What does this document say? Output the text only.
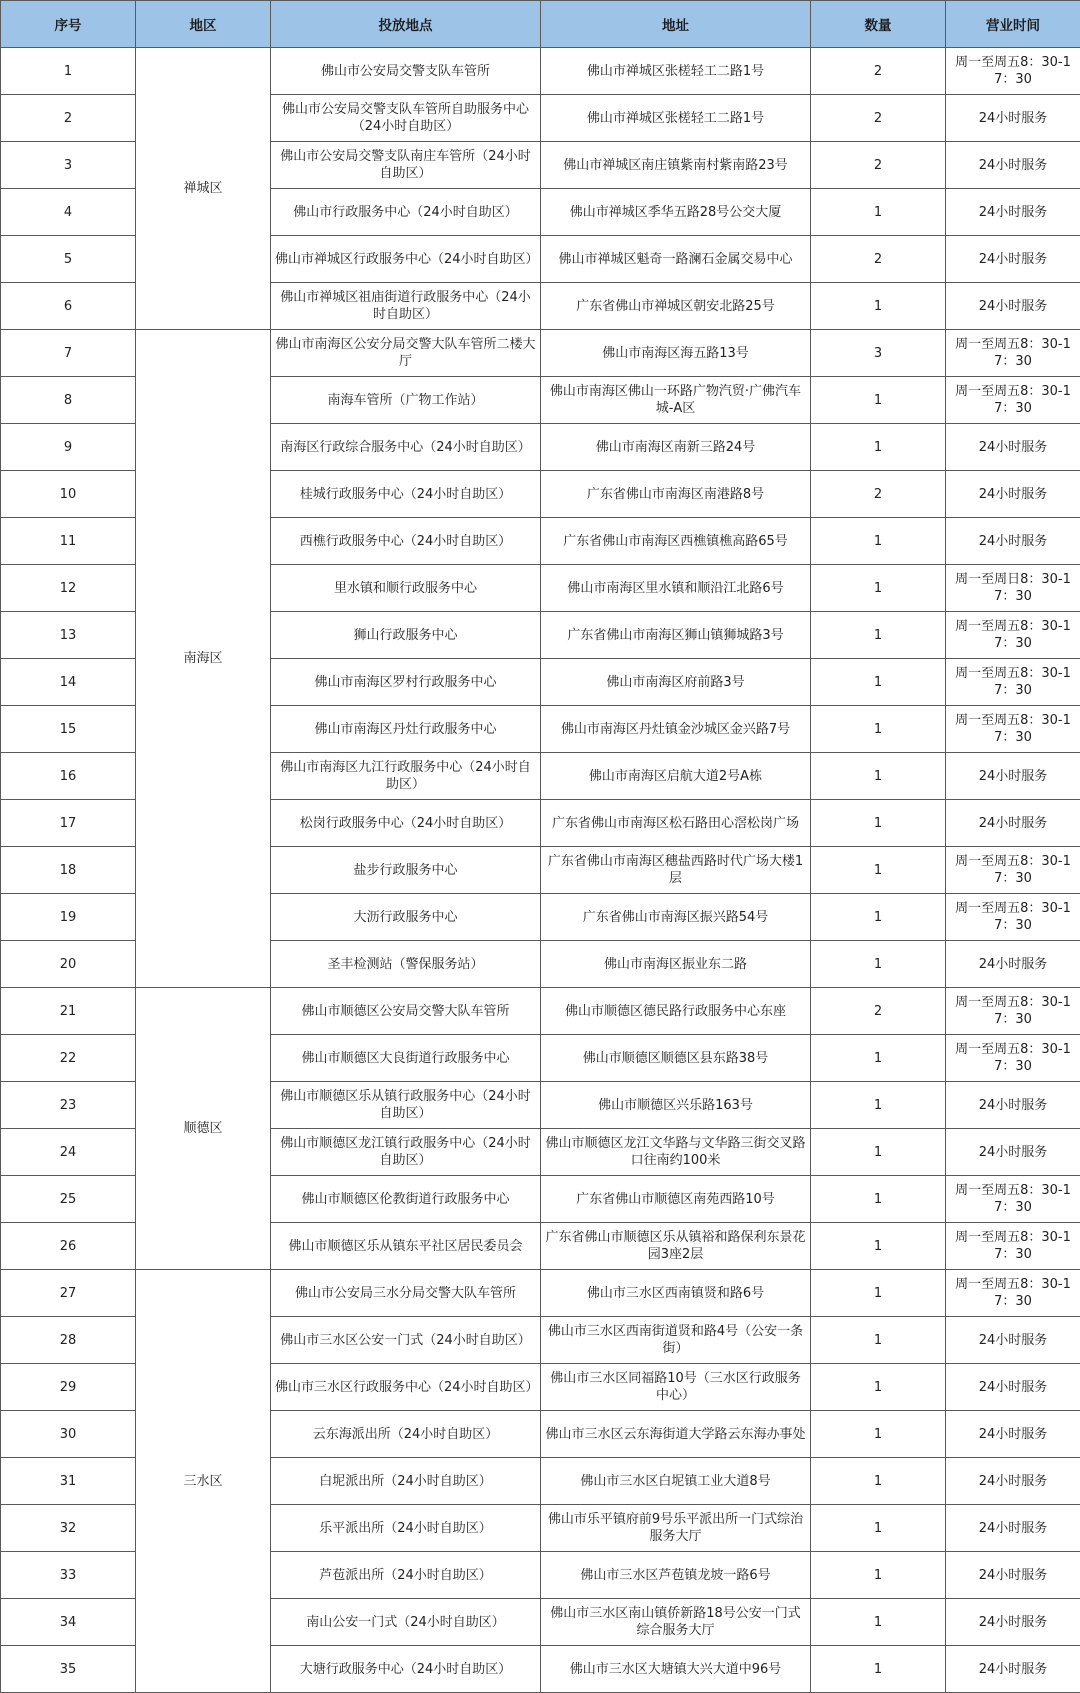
序号	地区	投放地点	地址	数量	营业时间
1	禅城区	佛山市公安局交警支队车管所	佛山市禅城区张槎轻工二路1号	2	周一至周五8：30-17：30
2		佛山市公安局交警支队车管所自助服务中心（24小时自助区）	佛山市禅城区张槎轻工二路1号	2	24小时服务
3		佛山市公安局交警支队南庄车管所（24小时自助区）	佛山市禅城区南庄镇紫南村紫南路23号	2	24小时服务
4		佛山市行政服务中心（24小时自助区）	佛山市禅城区季华五路28号公交大厦	1	24小时服务
5		佛山市禅城区行政服务中心（24小时自助区）	佛山市禅城区魁奇一路澜石金属交易中心	2	24小时服务
6		佛山市禅城区祖庙街道行政服务中心（24小时自助区）	广东省佛山市禅城区朝安北路25号	1	24小时服务
7	南海区	佛山市南海区公安分局交警大队车管所二楼大厅	佛山市南海区海五路13号	3	周一至周五8：30-17：30
8		南海车管所（广物工作站）	佛山市南海区佛山一环路广物汽贸·广佛汽车城-A区	1	周一至周五8：30-17：30
9		南海区行政综合服务中心（24小时自助区）	佛山市南海区南新三路24号	1	24小时服务
10		桂城行政服务中心（24小时自助区）	广东省佛山市南海区南港路8号	2	24小时服务
11		西樵行政服务中心（24小时自助区）	广东省佛山市南海区西樵镇樵高路65号	1	24小时服务
12		里水镇和顺行政服务中心	佛山市南海区里水镇和顺沿江北路6号	1	周一至周日8：30-17：30
13		狮山行政服务中心	广东省佛山市南海区狮山镇狮城路3号	1	周一至周五8：30-17：30
14		佛山市南海区罗村行政服务中心	佛山市南海区府前路3号	1	周一至周五8：30-17：30
15		佛山市南海区丹灶行政服务中心	佛山市南海区丹灶镇金沙城区金兴路7号	1	周一至周五8：30-17：30
16		佛山市南海区九江行政服务中心（24小时自助区）	佛山市南海区启航大道2号A栋	1	24小时服务
17		松岗行政服务中心（24小时自助区）	广东省佛山市南海区松石路田心滘松岗广场	1	24小时服务
18		盐步行政服务中心	广东省佛山市南海区穗盐西路时代广场大楼1层	1	周一至周五8：30-17：30
19		大沥行政服务中心	广东省佛山市南海区振兴路54号	1	周一至周五8：30-17：30
20		圣丰检测站（警保服务站）	佛山市南海区振业东二路	1	24小时服务
21	顺德区	佛山市顺德区公安局交警大队车管所	佛山市顺德区德民路行政服务中心东座	2	周一至周五8：30-17：30
22		佛山市顺德区大良街道行政服务中心	佛山市顺德区顺德区县东路38号	1	周一至周五8：30-17：30
23		佛山市顺德区乐从镇行政服务中心（24小时自助区）	佛山市顺德区兴乐路163号	1	24小时服务
24		佛山市顺德区龙江镇行政服务中心（24小时自助区）	佛山市顺德区龙江文华路与文华路三街交叉路口往南约100米	1	24小时服务
25		佛山市顺德区伦教街道行政服务中心	广东省佛山市顺德区南苑西路10号	1	周一至周五8：30-17：30
26		佛山市顺德区乐从镇东平社区居民委员会	广东省佛山市顺德区乐从镇裕和路保利东景花园3座2层	1	周一至周五8：30-17：30
27	三水区	佛山市公安局三水分局交警大队车管所	佛山市三水区西南镇贤和路6号	1	周一至周五8：30-17：30
28		佛山市三水区公安一门式（24小时自助区）	佛山市三水区西南街道贤和路4号（公安一条街）	1	24小时服务
29		佛山市三水区行政服务中心（24小时自助区）	佛山市三水区同福路10号（三水区行政服务中心）	1	24小时服务
30		云东海派出所（24小时自助区）	佛山市三水区云东海街道大学路云东海办事处	1	24小时服务
31		白坭派出所（24小时自助区）	佛山市三水区白坭镇工业大道8号	1	24小时服务
32		乐平派出所（24小时自助区）	佛山市乐平镇府前9号乐平派出所一门式综治服务大厅	1	24小时服务
33		芦苞派出所（24小时自助区）	佛山市三水区芦苞镇龙坡一路6号	1	24小时服务
34		南山公安一门式（24小时自助区）	佛山市三水区南山镇侨新路18号公安一门式综合服务大厅	1	24小时服务
35		大塘行政服务中心（24小时自助区）	佛山市三水区大塘镇大兴大道中96号	1	24小时服务
